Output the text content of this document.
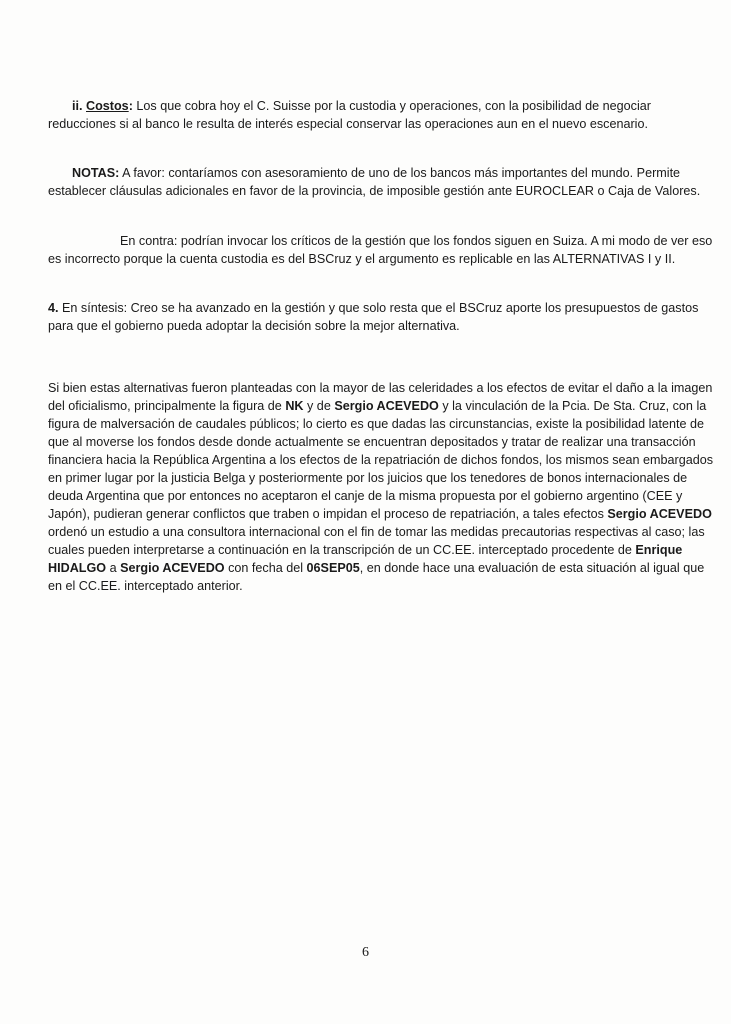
ii. Costos: Los que cobra hoy el C. Suisse por la custodia y operaciones, con la posibilidad de negociar reducciones si al banco le resulta de interés especial conservar las operaciones aun en el nuevo escenario.

NOTAS: A favor: contaríamos con asesoramiento de uno de los bancos más importantes del mundo. Permite establecer cláusulas adicionales en favor de la provincia, de imposible gestión ante EUROCLEAR o Caja de Valores.

En contra: podrían invocar los críticos de la gestión que los fondos siguen en Suiza. A mi modo de ver eso es incorrecto porque la cuenta custodia es del BSCruz y el argumento es replicable en las ALTERNATIVAS I y II.

4. En síntesis: Creo se ha avanzado en la gestión y que solo resta que el BSCruz aporte los presupuestos de gastos para que el gobierno pueda adoptar la decisión sobre la mejor alternativa.

Si bien estas alternativas fueron planteadas con la mayor de las celeridades a los efectos de evitar el daño a la imagen del oficialismo, principalmente la figura de NK y de Sergio ACEVEDO y la vinculación de la Pcia. De Sta. Cruz, con la figura de malversación de caudales públicos; lo cierto es que dadas las circunstancias, existe la posibilidad latente de que al moverse los fondos desde donde actualmente se encuentran depositados y tratar de realizar una transacción financiera hacia la República Argentina a los efectos de la repatriación de dichos fondos, los mismos sean embargados en primer lugar por la justicia Belga y posteriormente por los juicios que los tenedores de bonos internacionales de deuda Argentina que por entonces no aceptaron el canje de la misma propuesta por el gobierno argentino (CEE y Japón), pudieran generar conflictos que traben o impidan el proceso de repatriación, a tales efectos Sergio ACEVEDO ordenó un estudio a una consultora internacional con el fin de tomar las medidas precautorias respectivas al caso; las cuales pueden interpretarse a continuación en la transcripción de un CC.EE. interceptado procedente de Enrique HIDALGO a Sergio ACEVEDO con fecha del 06SEP05, en donde hace una evaluación de esta situación al igual que en el CC.EE. interceptado anterior.

6
